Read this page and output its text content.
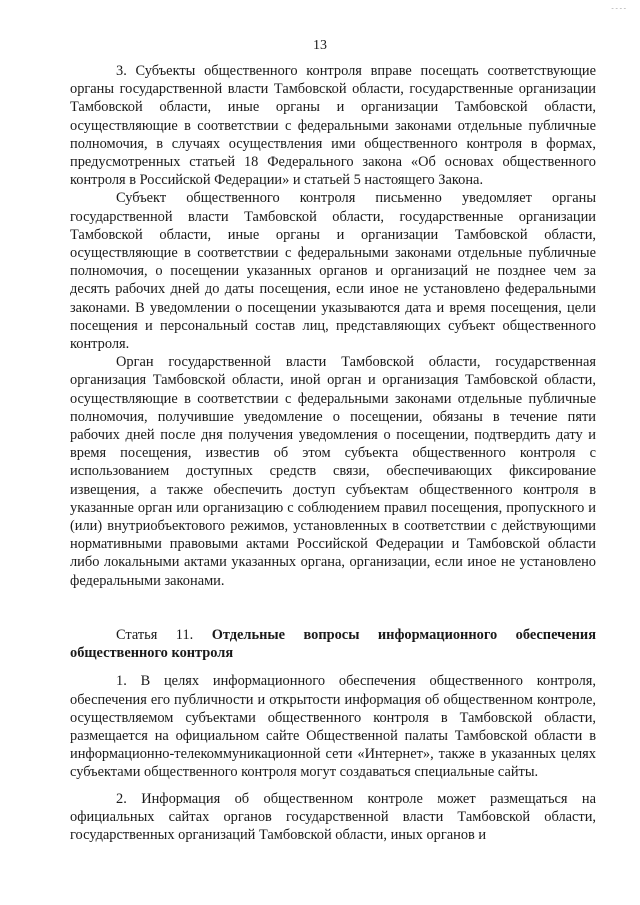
- - - -
13

3. Субъекты общественного контроля вправе посещать соответствующие органы государственной власти Тамбовской области, государственные организации Тамбовской области, иные органы и организации Тамбовской области, осуществляющие в соответствии с федеральными законами отдельные публичные полномочия, в случаях осуществления ими общественного контроля в формах, предусмотренных статьей 18 Федерального закона «Об основах общественного контроля в Российской Федерации» и статьей 5 настоящего Закона.

Субъект общественного контроля письменно уведомляет органы государственной власти Тамбовской области, государственные организации Тамбовской области, иные органы и организации Тамбовской области, осуществляющие в соответствии с федеральными законами отдельные публичные полномочия, о посещении указанных органов и организаций не позднее чем за десять рабочих дней до даты посещения, если иное не установлено федеральными законами. В уведомлении о посещении указываются дата и время посещения, цели посещения и персональный состав лиц, представляющих субъект общественного контроля.

Орган государственной власти Тамбовской области, государственная организация Тамбовской области, иной орган и организация Тамбовской области, осуществляющие в соответствии с федеральными законами отдельные публичные полномочия, получившие уведомление о посещении, обязаны в течение пяти рабочих дней после дня получения уведомления о посещении, подтвердить дату и время посещения, известив об этом субъекта общественного контроля с использованием доступных средств связи, обеспечивающих фиксирование извещения, а также обеспечить доступ субъектам общественного контроля в указанные орган или организацию с соблюдением правил посещения, пропускного и (или) внутриобъектового режимов, установленных в соответствии с действующими нормативными правовыми актами Российской Федерации и Тамбовской области либо локальными актами указанных органа, организации, если иное не установлено федеральными законами.

Статья 11. Отдельные вопросы информационного обеспечения общественного контроля

1. В целях информационного обеспечения общественного контроля, обеспечения его публичности и открытости информация об общественном контроле, осуществляемом субъектами общественного контроля в Тамбовской области, размещается на официальном сайте Общественной палаты Тамбовской области в информационно-телекоммуникационной сети «Интернет», также в указанных целях субъектами общественного контроля могут создаваться специальные сайты.

2. Информация об общественном контроле может размещаться на официальных сайтах органов государственной власти Тамбовской области, государственных организаций Тамбовской области, иных органов и
